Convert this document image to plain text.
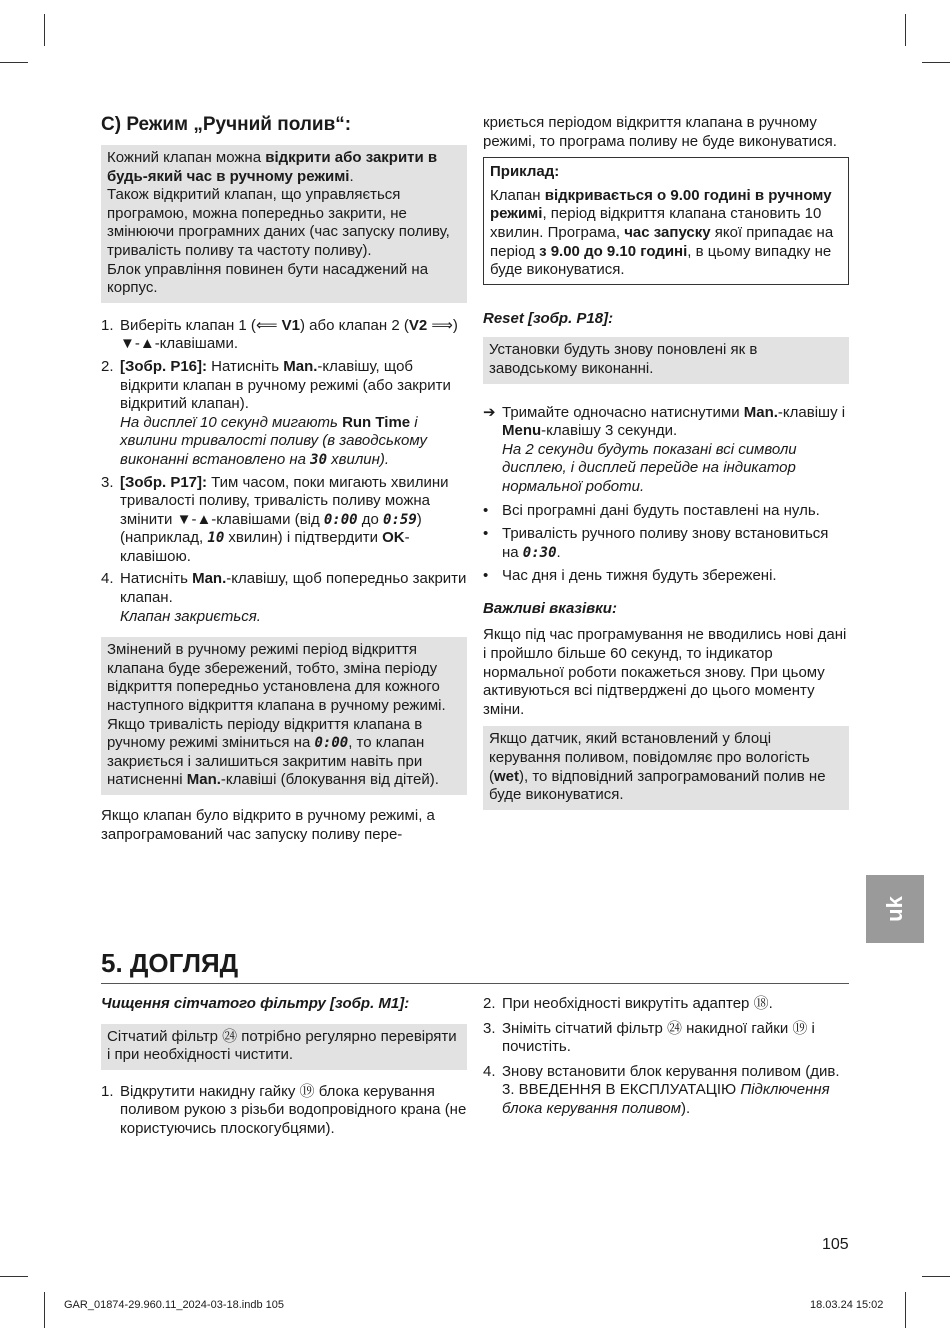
C) Режим „Ручний полив“:

Кожний клапан можна відкрити або закрити в будь-який час в ручному режимі.

Також відкритий клапан, що управляється програмою, можна попередньо закрити, не змінюючи програмних даних (час запуску поливу, тривалість поливу та частоту поливу).

Блок управління повинен бути насаджений на корпус.

1. Виберіть клапан 1 (⟸ V1) або клапан 2 (V2 ⟹) ▼-▲-клавішами.
2. [Зобр. P16]: Натисніть Man.-клавішу, щоб відкрити клапан в ручному режимі (або закрити відкритий клапан).
На дисплеї 10 секунд мигають Run Time і хвилини тривалості поливу (в заводському виконанні встановлено на 30 хвилин).
3. [Зобр. P17]: Тим часом, поки мигають хвилини тривалості поливу, тривалість поливу можна змінити ▼-▲-клавішами (від 0:00 до 0:59) (наприклад, 10 хвилин) і підтвердити OK-клавішою.
4. Натисніть Man.-клавішу, щоб попередньо закрити клапан.
Клапан закриється.

Змінений в ручному режимі період відкриття клапана буде збережений, тобто, зміна періоду відкриття попередньо установлена для кожного наступного відкриття клапана в ручному режимі. Якщо тривалість періоду відкриття клапана в ручному режимі зміниться на 0:00, то клапан закриється і залишиться закритим навіть при натисненні Man.-клавіші (блокування від дітей).

Якщо клапан було відкрито в ручному режимі, а запрограмований час запуску поливу пере-

криється періодом відкриття клапана в ручному режимі, то програма поливу не буде виконуватися.

Приклад:

Клапан відкривається о 9.00 годині в ручному режимі, період відкриття клапана становить 10 хвилин. Програма, час запуску якої припадає на період з 9.00 до 9.10 годині, в цьому випадку не буде виконуватися.

Reset [зобр. P18]:

Установки будуть знову поновлені як в заводському виконанні.

➔ Тримайте одночасно натиснутими Man.-клавішу і Menu-клавішу 3 секунди.
На 2 секунди будуть показані всі символи дисплею, і дисплей перейде на індикатор нормальної роботи.
• Всі програмні дані будуть поставлені на нуль.
• Тривалість ручного поливу знову встановиться на 0:30.
• Час дня і день тижня будуть збережені.

Важливі вказівки:

Якщо під час програмування не вводились нові дані і пройшло більше 60 секунд, то індикатор нормальної роботи покажеться знову. При цьому активуються всі підтверджені до цього моменту зміни.

Якщо датчик, який встановлений у блоці керування поливом, повідомляє про вологість (wet), то відповідний запрограмований полив не буде виконуватися.

uk
5. ДОГЛЯД

Чищення сітчатого фільтру [зобр. M1]:

Сітчатий фільтр ㉔ потрібно регулярно перевіряти і при необхідності чистити.

1. Відкрутити накидну гайку ⑲ блока керування поливом рукою з різьби водопровідного крана (не користуючись плоскогубцями).
2. При необхідності викрутіть адаптер ⑱.
3. Зніміть сітчатий фільтр ㉔ накидної гайки ⑲ і почистіть.
4. Знову встановити блок керування поливом (див. 3. ВВЕДЕННЯ В ЕКСПЛУАТАЦІЮ Підключення блока керування поливом).
105
GAR_01874-29.960.11_2024-03-18.indb 105	18.03.24 15:02
